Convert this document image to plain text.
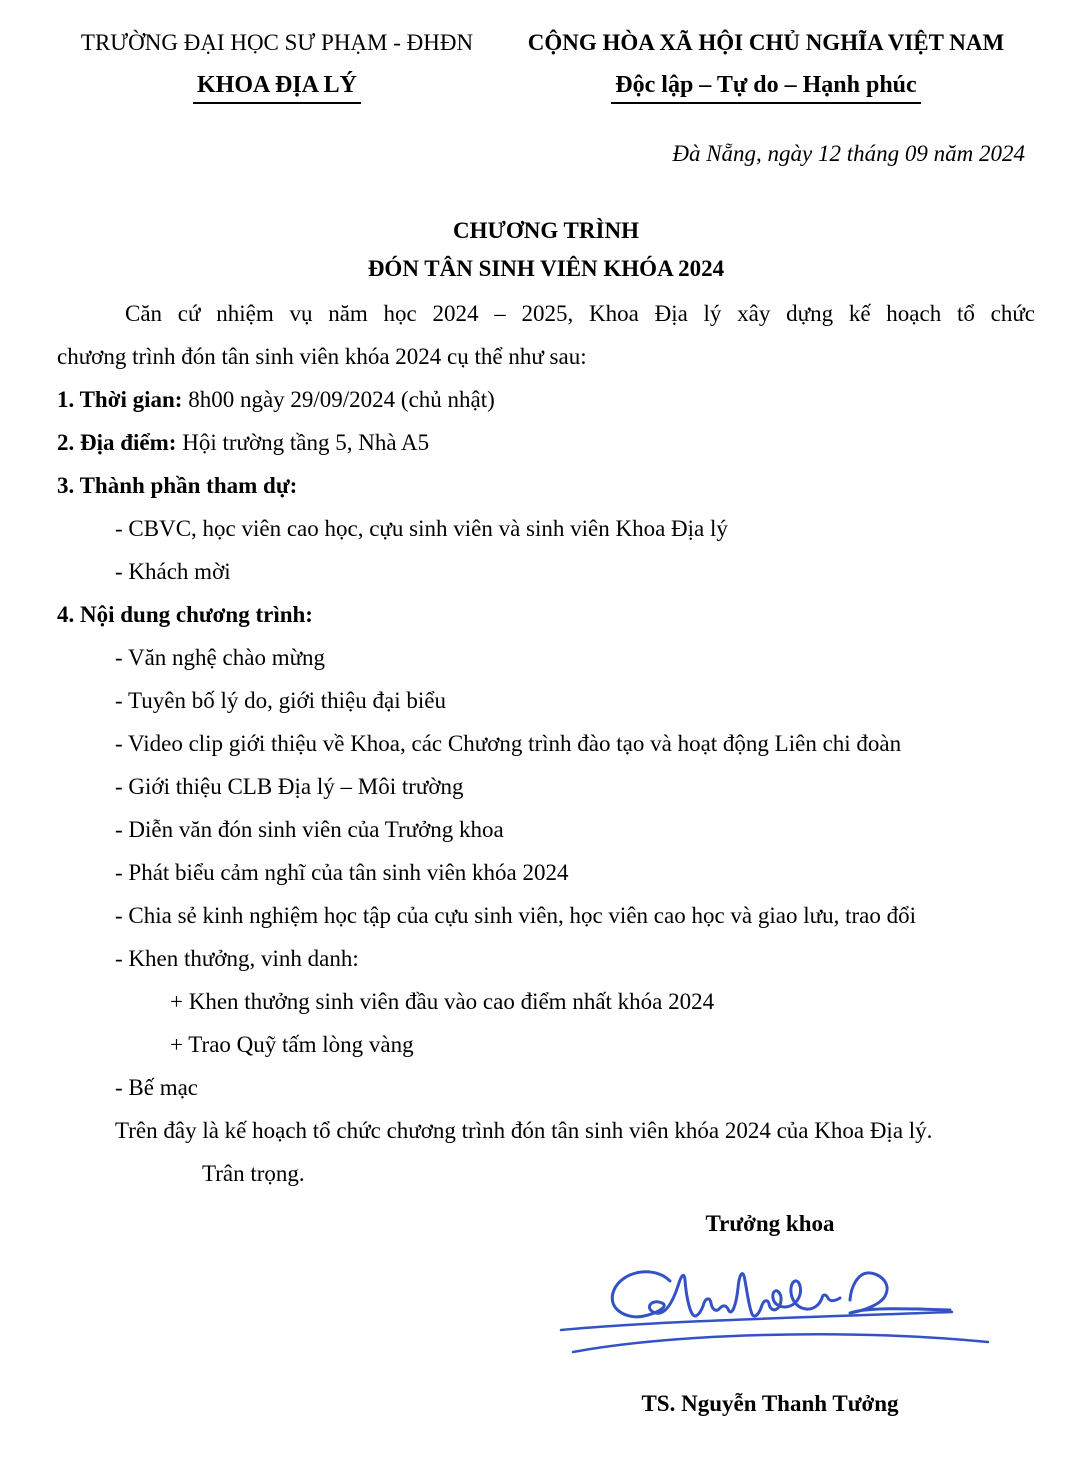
TRƯỜNG ĐẠI HỌC SƯ PHẠM - ĐHĐN
KHOA ĐỊA LÝ
CỘNG HÒA XÃ HỘI CHỦ NGHĨA VIỆT NAM
Độc lập – Tự do – Hạnh phúc
Đà Nẵng, ngày 12 tháng 09 năm 2024
CHƯƠNG TRÌNH
ĐÓN TÂN SINH VIÊN KHÓA 2024
Căn cứ nhiệm vụ năm học 2024 – 2025, Khoa Địa lý xây dựng kế hoạch tổ chức
chương trình đón tân sinh viên khóa 2024 cụ thể như sau:
1. Thời gian: 8h00 ngày 29/09/2024 (chủ nhật)
2. Địa điểm: Hội trường tầng 5, Nhà A5
3. Thành phần tham dự:
- CBVC, học viên cao học, cựu sinh viên và sinh viên Khoa Địa lý
- Khách mời
4. Nội dung chương trình:
- Văn nghệ chào mừng
- Tuyên bố lý do, giới thiệu đại biểu
- Video clip giới thiệu về Khoa, các Chương trình đào tạo và hoạt động Liên chi đoàn
- Giới thiệu CLB Địa lý – Môi trường
- Diễn văn đón sinh viên của Trưởng khoa
- Phát biểu cảm nghĩ của tân sinh viên khóa 2024
- Chia sẻ kinh nghiệm học tập của cựu sinh viên, học viên cao học và giao lưu, trao đổi
- Khen thưởng, vinh danh:
+ Khen thưởng sinh viên đầu vào cao điểm nhất khóa 2024
+ Trao Quỹ tấm lòng vàng
- Bế mạc
Trên đây là kế hoạch tổ chức chương trình đón tân sinh viên khóa 2024 của Khoa Địa lý.
Trân trọng.
Trưởng khoa
TS. Nguyễn Thanh Tưởng
